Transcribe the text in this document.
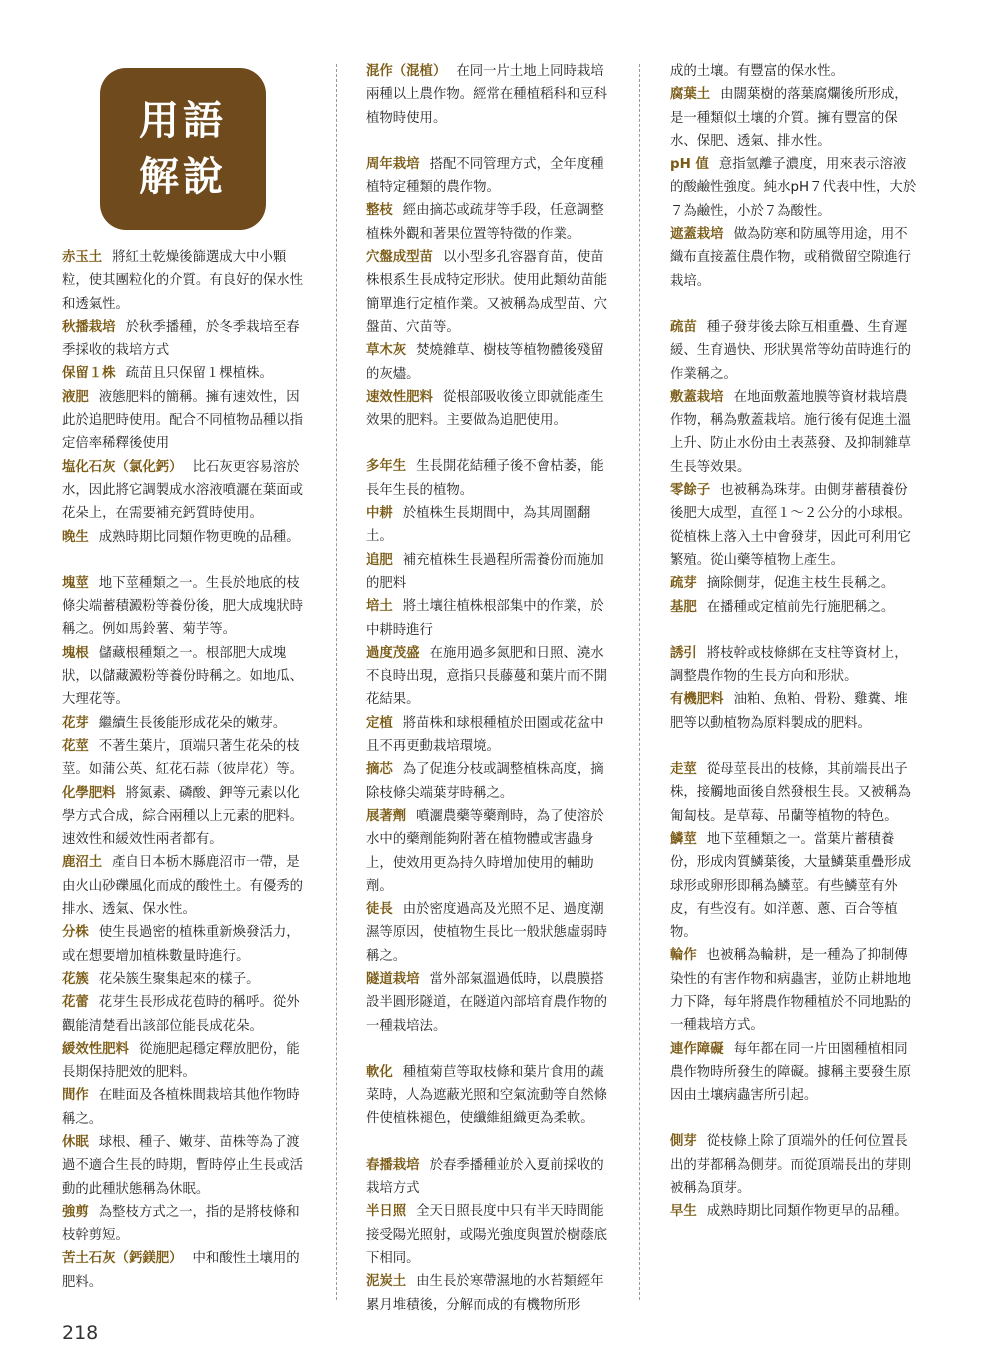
用語
解說

赤玉土 將紅土乾燥後篩選成大中小顆粒，使其團粒化的介質。有良好的保水性和透氣性。

秋播栽培 於秋季播種，於冬季栽培至春季採收的栽培方式

保留１株 疏苗且只保留１棵植株。

液肥 液態肥料的簡稱。擁有速效性，因此於追肥時使用。配合不同植物品種以指定倍率稀釋後使用

塩化石灰（氯化鈣） 比石灰更容易溶於水，因此將它調製成水溶液噴灑在葉面或花朵上，在需要補充鈣質時使用。

晚生 成熟時期比同類作物更晚的品種。

塊莖 地下莖種類之一。生長於地底的枝條尖端蓄積澱粉等養份後，肥大成塊狀時稱之。例如馬鈴薯、菊芋等。

塊根 儲藏根種類之一。根部肥大成塊狀，以儲藏澱粉等養份時稱之。如地瓜、大理花等。

花芽 繼續生長後能形成花朵的嫩芽。

花莖 不著生葉片，頂端只著生花朵的枝莖。如蒲公英、紅花石蒜（彼岸花）等。

化學肥料 將氮素、磷酸、鉀等元素以化學方式合成，綜合兩種以上元素的肥料。速效性和緩效性兩者都有。

鹿沼土 產自日本栃木縣鹿沼市一帶，是由火山砂礫風化而成的酸性土。有優秀的排水、透氣、保水性。

分株 使生長過密的植株重新煥發活力，或在想要增加植株數量時進行。

花簇 花朵簇生聚集起來的樣子。

花蕾 花芽生長形成花苞時的稱呼。從外觀能清楚看出該部位能長成花朵。

緩效性肥料 從施肥起穩定釋放肥份，能長期保持肥效的肥料。

間作 在畦面及各植株間栽培其他作物時稱之。

休眠 球根、種子、嫩芽、苗株等為了渡過不適合生長的時期，暫時停止生長或活動的此種狀態稱為休眠。

強剪 為整枝方式之一，指的是將枝條和枝幹剪短。

苦土石灰（鈣鎂肥） 中和酸性土壤用的肥料。

混作（混植） 在同一片土地上同時栽培兩種以上農作物。經常在種植稻科和豆科植物時使用。

周年栽培 搭配不同管理方式，全年度種植特定種類的農作物。

整枝 經由摘芯或疏芽等手段，任意調整植株外觀和著果位置等特徵的作業。

穴盤成型苗 以小型多孔容器育苗，使苗株根系生長成特定形狀。使用此類幼苗能簡單進行定植作業。又被稱為成型苗、穴盤苗、穴苗等。

草木灰 焚燒雜草、樹枝等植物體後殘留的灰燼。

速效性肥料 從根部吸收後立即就能產生效果的肥料。主要做為追肥使用。

多年生 生長開花結種子後不會枯萎，能長年生長的植物。

中耕 於植株生長期間中，為其周圍翻土。

追肥 補充植株生長過程所需養份而施加的肥料

培土 將土壤往植株根部集中的作業，於中耕時進行

過度茂盛 在施用過多氮肥和日照、澆水不良時出現，意指只長藤蔓和葉片而不開花結果。

定植 將苗株和球根種植於田園或花盆中且不再更動栽培環境。

摘芯 為了促進分枝或調整植株高度，摘除枝條尖端葉芽時稱之。

展著劑 噴灑農藥等藥劑時，為了使溶於水中的藥劑能夠附著在植物體或害蟲身上，使效用更為持久時增加使用的輔助劑。

徒長 由於密度過高及光照不足、過度潮濕等原因，使植物生長比一般狀態虛弱時稱之。

隧道栽培 當外部氣溫過低時，以農膜搭設半圓形隧道，在隧道內部培育農作物的一種栽培法。

軟化 種植菊苣等取枝條和葉片食用的蔬菜時，人為遮蔽光照和空氣流動等自然條件使植株褪色，使纖維組織更為柔軟。

春播栽培 於春季播種並於入夏前採收的栽培方式

半日照 全天日照長度中只有半天時間能接受陽光照射，或陽光強度與置於樹蔭底下相同。

泥炭土 由生長於寒帶濕地的水苔類經年累月堆積後，分解而成的有機物所形

成的土壤。有豐富的保水性。

腐葉土 由闊葉樹的落葉腐爛後所形成，是一種類似土壤的介質。擁有豐富的保水、保肥、透氣、排水性。

pH 值 意指氫離子濃度，用來表示溶液的酸鹼性強度。純水pH７代表中性，大於７為鹼性，小於７為酸性。

遮蓋栽培 做為防寒和防風等用途，用不織布直接蓋住農作物，或稍微留空隙進行栽培。

疏苗 種子發芽後去除互相重疊、生育遲緩、生育過快、形狀異常等幼苗時進行的作業稱之。

敷蓋栽培 在地面敷蓋地膜等資材栽培農作物，稱為敷蓋栽培。施行後有促進土溫上升、防止水份由土表蒸發、及抑制雜草生長等效果。

零餘子 也被稱為珠芽。由側芽蓄積養份後肥大成型，直徑１～２公分的小球根。從植株上落入土中會發芽，因此可利用它繁殖。從山藥等植物上產生。

疏芽 摘除側芽，促進主枝生長稱之。

基肥 在播種或定植前先行施肥稱之。

誘引 將枝幹或枝條綁在支柱等資材上，調整農作物的生長方向和形狀。

有機肥料 油粕、魚粕、骨粉、雞糞、堆肥等以動植物為原料製成的肥料。

走莖 從母莖長出的枝條，其前端長出子株，接觸地面後自然發根生長。又被稱為匍匐枝。是草莓、吊蘭等植物的特色。

鱗莖 地下莖種類之一。當葉片蓄積養份，形成肉質鱗葉後，大量鱗葉重疊形成球形或卵形即稱為鱗莖。有些鱗莖有外皮，有些沒有。如洋蔥、蔥、百合等植物。

輪作 也被稱為輪耕，是一種為了抑制傳染性的有害作物和病蟲害，並防止耕地地力下降，每年將農作物種植於不同地點的一種栽培方式。

連作障礙 每年都在同一片田園種植相同農作物時所發生的障礙。據稱主要發生原因由土壤病蟲害所引起。

側芽 從枝條上除了頂端外的任何位置長出的芽都稱為側芽。而從頂端長出的芽則被稱為頂芽。

早生 成熟時期比同類作物更早的品種。

218
